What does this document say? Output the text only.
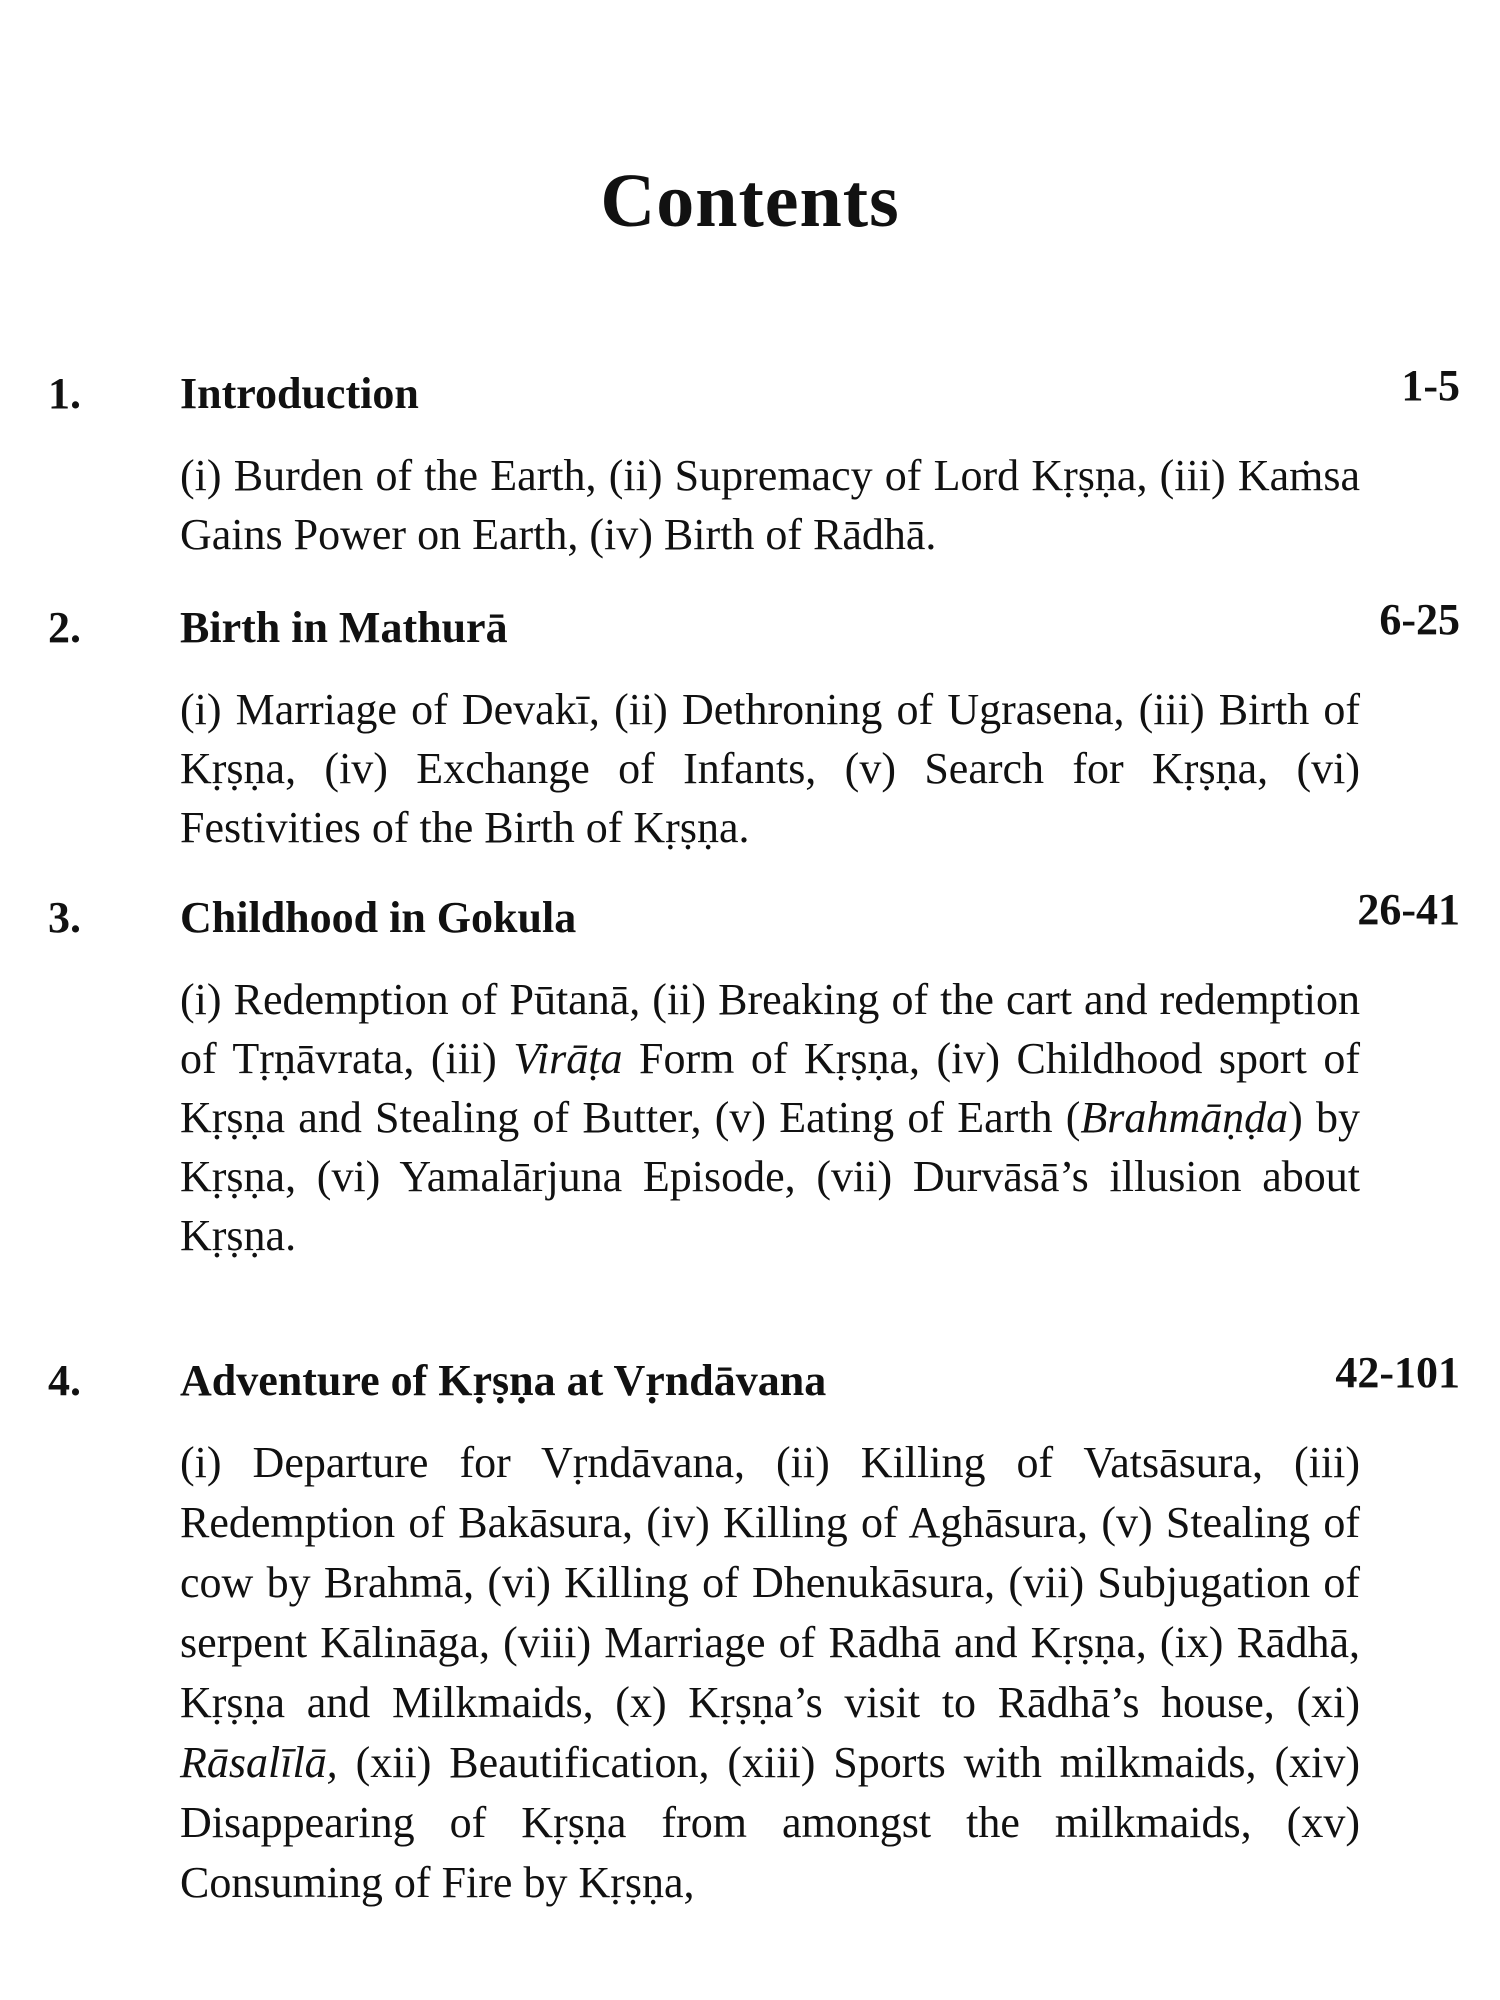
Contents
1. Introduction	1-5
(i) Burden of the Earth, (ii) Supremacy of Lord Kṛṣṇa, (iii) Kaṁsa Gains Power on Earth, (iv) Birth of Rādhā.
2. Birth in Mathurā	6-25
(i) Marriage of Devakī, (ii) Dethroning of Ugrasena, (iii) Birth of Kṛṣṇa, (iv) Exchange of Infants, (v) Search for Kṛṣṇa, (vi) Festivities of the Birth of Kṛṣṇa.
3. Childhood in Gokula	26-41
(i) Redemption of Pūtanā, (ii) Breaking of the cart and redemption of Tṛṇāvrata, (iii) Virāṭa Form of Kṛṣṇa, (iv) Childhood sport of Kṛṣṇa and Stealing of Butter, (v) Eating of Earth (Brahmāṇḍa) by Kṛṣṇa, (vi) Yamalārjuna Episode, (vii) Durvāsā’s illusion about Kṛṣṇa.
4. Adventure of Kṛṣṇa at Vṛndāvana	42-101
(i) Departure for Vṛndāvana, (ii) Killing of Vatsāsura, (iii) Redemption of Bakāsura, (iv) Killing of Aghāsura, (v) Stealing of cow by Brahmā, (vi) Killing of Dhenukāsura, (vii) Subjugation of serpent Kālināga, (viii) Marriage of Rādhā and Kṛṣṇa, (ix) Rādhā, Kṛṣṇa and Milkmaids, (x) Kṛṣṇa’s visit to Rādhā’s house, (xi) Rāsalīlā, (xii) Beautification, (xiii) Sports with milkmaids, (xiv) Disappearing of Kṛṣṇa from amongst the milkmaids, (xv) Consuming of Fire by Kṛṣṇa,
